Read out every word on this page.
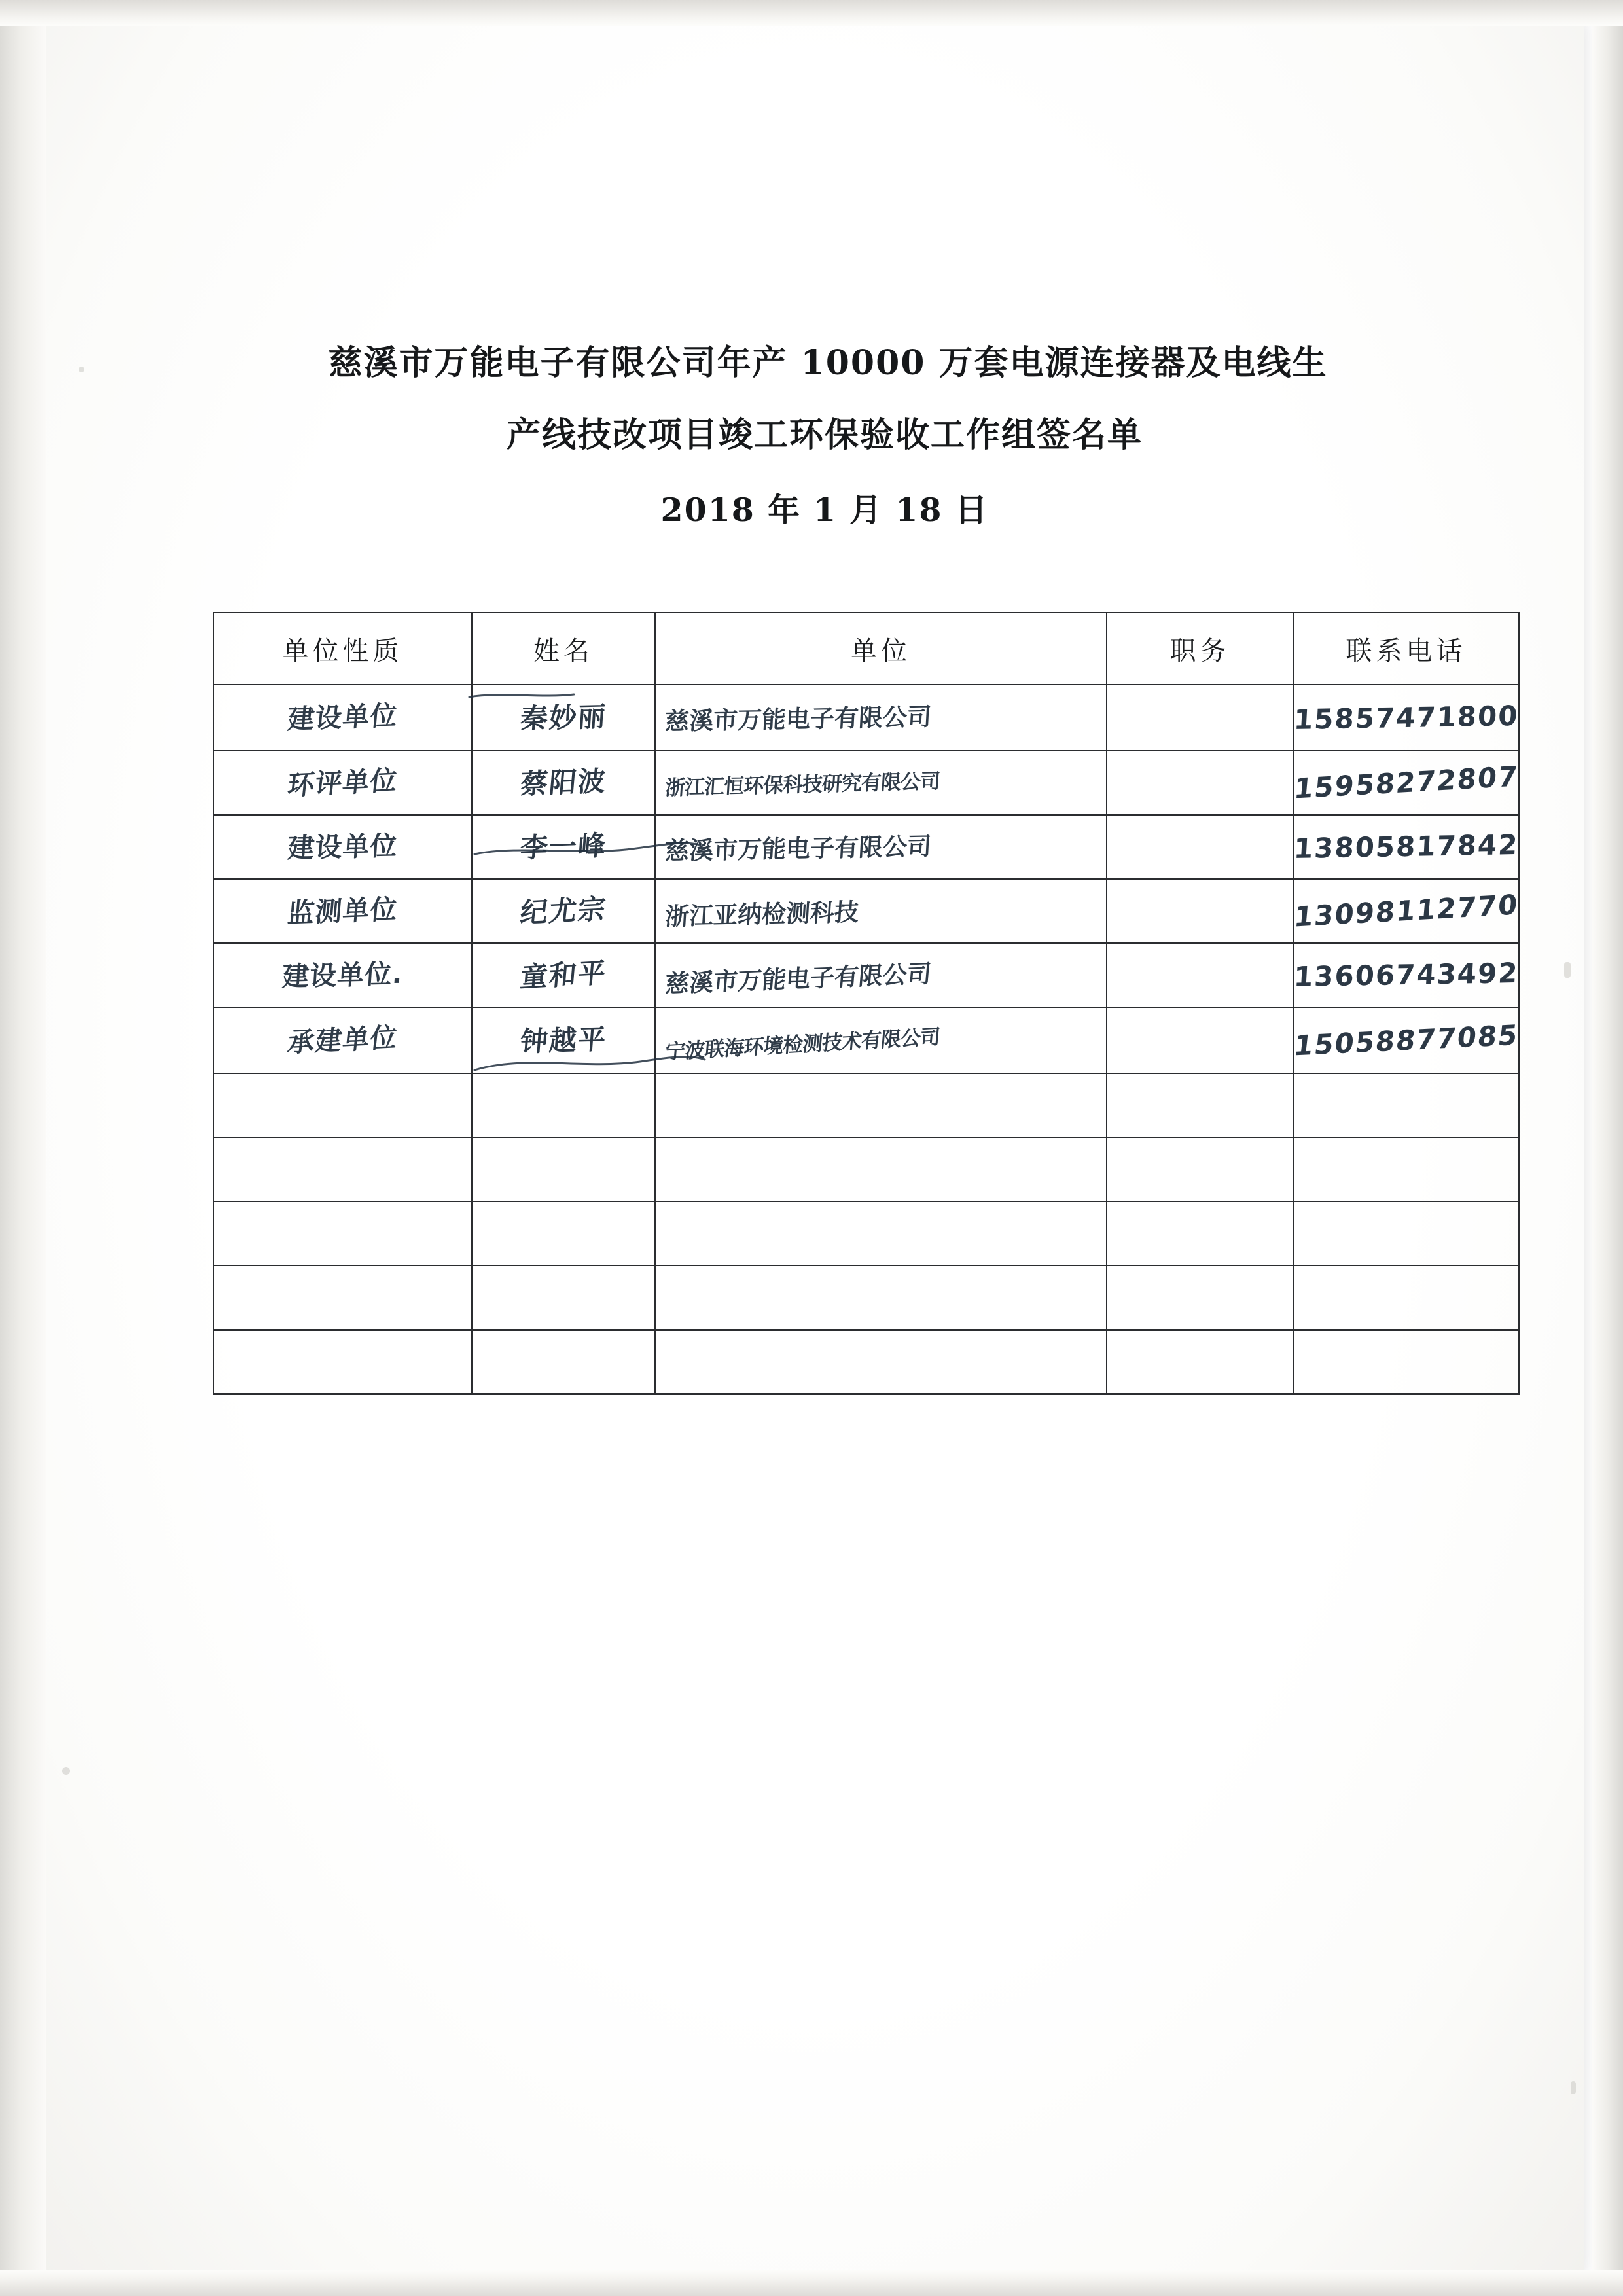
慈溪市万能电子有限公司年产 10000 万套电源连接器及电线生
产线技改项目竣工环保验收工作组签名单
2018 年 1 月 18 日
单位性质	姓名	单位	职务	联系电话

建设单位	秦妙丽	慈溪市万能电子有限公司		15857471800

环评单位	蔡阳波	浙江汇恒环保科技研究有限公司		15958272807

建设单位	李一峰	慈溪市万能电子有限公司		13805817842

监测单位	纪尤宗	浙江亚纳检测科技		13098112770

建设单位.	童和平	慈溪市万能电子有限公司		13606743492

承建单位	钟越平	宁波联海环境检测技术有限公司		15058877085
